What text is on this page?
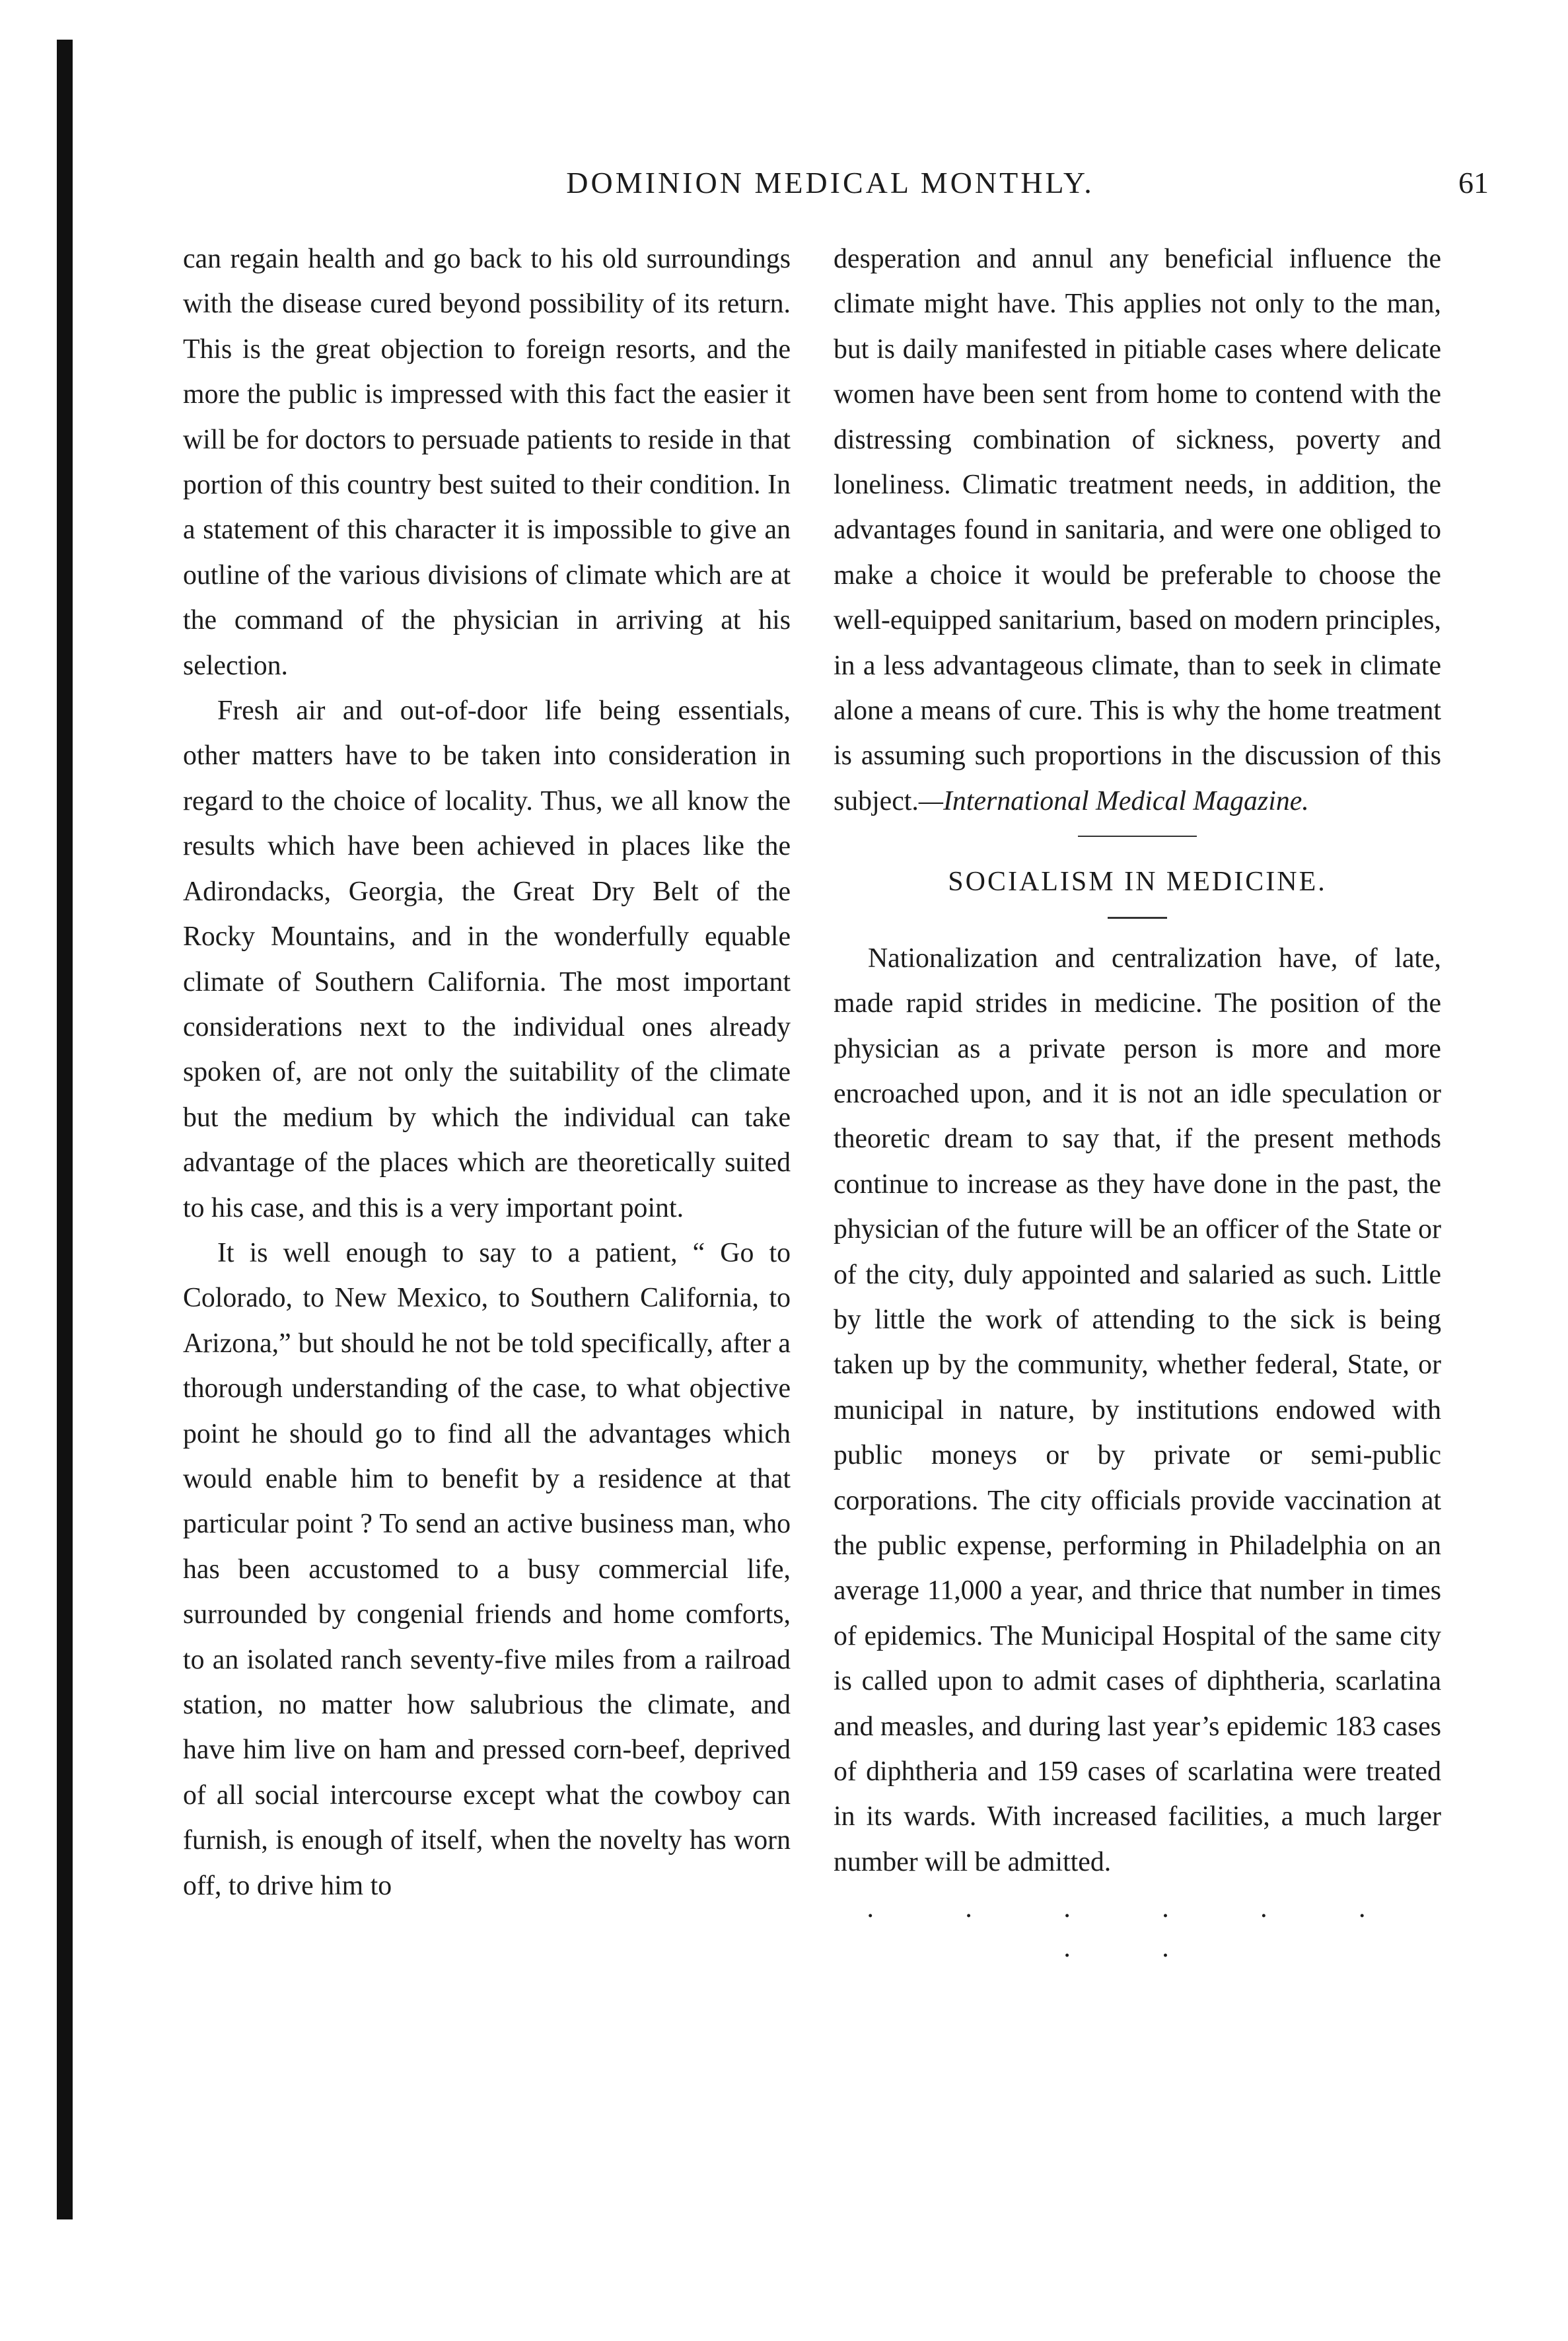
DOMINION MEDICAL MONTHLY.	61

can regain health and go back to his old surroundings with the disease cured beyond possibility of its return. This is the great objection to foreign resorts, and the more the public is impressed with this fact the easier it will be for doctors to persuade patients to reside in that portion of this country best suited to their condition. In a statement of this character it is impossible to give an outline of the various divisions of climate which are at the command of the physician in arriving at his selection.

Fresh air and out-of-door life being essentials, other matters have to be taken into consideration in regard to the choice of locality. Thus, we all know the results which have been achieved in places like the Adirondacks, Georgia, the Great Dry Belt of the Rocky Mountains, and in the wonderfully equable climate of Southern California. The most important considerations next to the individual ones already spoken of, are not only the suitability of the climate but the medium by which the individual can take advantage of the places which are theoretically suited to his case, and this is a very important point.

It is well enough to say to a patient, “ Go to Colorado, to New Mexico, to Southern California, to Arizona,” but should he not be told specifically, after a thorough understanding of the case, to what objective point he should go to find all the advantages which would enable him to benefit by a residence at that particular point ? To send an active business man, who has been accustomed to a busy commercial life, surrounded by congenial friends and home comforts, to an isolated ranch seventy-five miles from a railroad station, no matter how salubrious the climate, and have him live on ham and pressed corn-beef, deprived of all social intercourse except what the cowboy can furnish, is enough of itself, when the novelty has worn off, to drive him to

desperation and annul any beneficial influence the climate might have. This applies not only to the man, but is daily manifested in pitiable cases where delicate women have been sent from home to contend with the distressing combination of sickness, poverty and loneliness. Climatic treatment needs, in addition, the advantages found in sanitaria, and were one obliged to make a choice it would be preferable to choose the well-equipped sanitarium, based on modern principles, in a less advantageous climate, than to seek in climate alone a means of cure. This is why the home treatment is assuming such proportions in the discussion of this subject.—International Medical Magazine.

SOCIALISM IN MEDICINE.

Nationalization and centralization have, of late, made rapid strides in medicine. The position of the physician as a private person is more and more encroached upon, and it is not an idle speculation or theoretic dream to say that, if the present methods continue to increase as they have done in the past, the physician of the future will be an officer of the State or of the city, duly appointed and salaried as such. Little by little the work of attending to the sick is being taken up by the community, whether federal, State, or municipal in nature, by institutions endowed with public moneys or by private or semi-public corporations. The city officials provide vaccination at the public expense, performing in Philadelphia on an average 11,000 a year, and thrice that number in times of epidemics. The Municipal Hospital of the same city is called upon to admit cases of diphtheria, scarlatina and measles, and during last year’s epidemic 183 cases of diphtheria and 159 cases of scarlatina were treated in its wards. With increased facilities, a much larger number will be admitted.

. . . . . . . .
